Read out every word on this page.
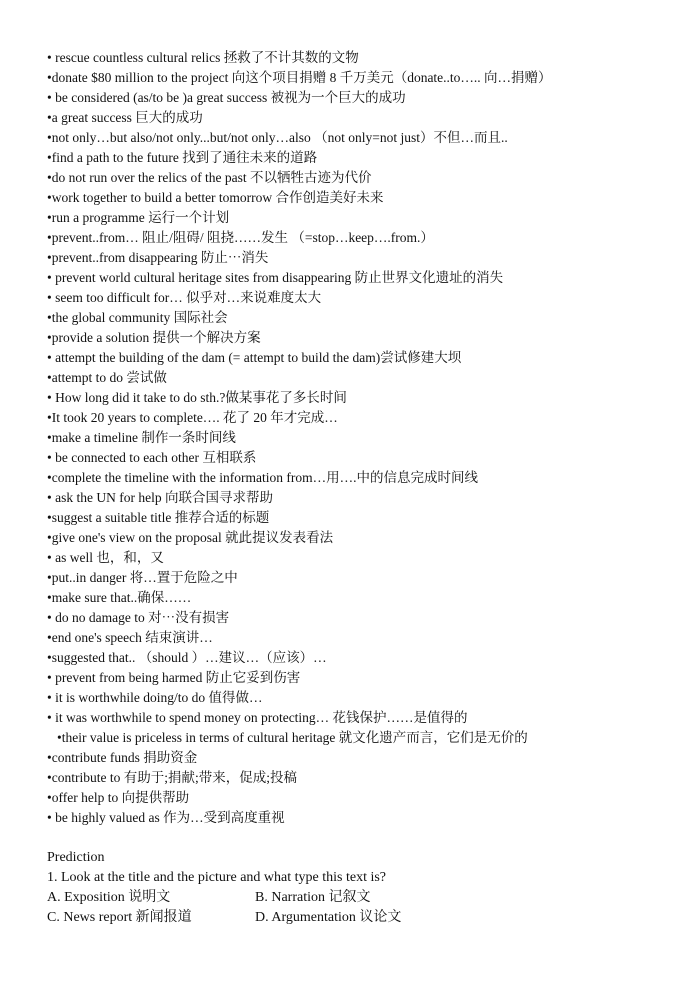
• rescue countless cultural relics 拯救了不计其数的文物
•donate $80 million to the project 向这个项目捐赠 8 千万美元（donate..to….. 向…捐赠）
• be considered (as/to be )a great success 被视为一个巨大的成功
•a great success 巨大的成功
•not only…but also/not only...but/not only…also （not only=not just）不但…而且..
•find a path to the future 找到了通往未来的道路
•do not run over the relics of the past 不以牺牲古迹为代价
•work together to build a better tomorrow 合作创造美好未来
•run a programme 运行一个计划
•prevent..from… 阻止/阻碍/ 阻挠……发生 （=stop…keep….from.）
•prevent..from disappearing 防止⋯消失
• prevent world cultural heritage sites from disappearing 防止世界文化遗址的消失
• seem too difficult for… 似乎对…来说难度太大
•the global community 国际社会
•provide a solution 提供一个解决方案
• attempt the building of the dam (= attempt to build the dam)尝试修建大坝
•attempt to do 尝试做
• How long did it take to do sth.?做某事花了多长时间
•It took 20 years to complete…. 花了 20 年才完成…
•make a timeline 制作一条时间线
• be connected to each other 互相联系
•complete the timeline with the information from…用….中的信息完成时间线
• ask the UN for help 向联合国寻求帮助
•suggest a suitable title 推荐合适的标题
•give one's view on the proposal 就此提议发表看法
• as well 也，和，又
•put..in danger 将…置于危险之中
•make sure that..确保……
• do no damage to 对⋯没有损害
•end one's speech 结束演讲…
•suggested that.. （should ）…建议…（应该）…
• prevent from being harmed 防止它妥到伤害
• it is worthwhile doing/to do 值得做…
• it was worthwhile to spend money on protecting… 花钱保护……是值得的
•their value is priceless in terms of cultural heritage 就文化遗产而言，它们是无价的
•contribute funds 捐助资金
•contribute to 有助于;捐献;带来，促成;投稿
•offer help to 向提供帮助
• be highly valued as 作为…受到高度重视
Prediction
1. Look at the title and the picture and what type this text is?
A. Exposition 说明文	B. Narration 记叙文
C. News report 新闻报道	D. Argumentation 议论文
